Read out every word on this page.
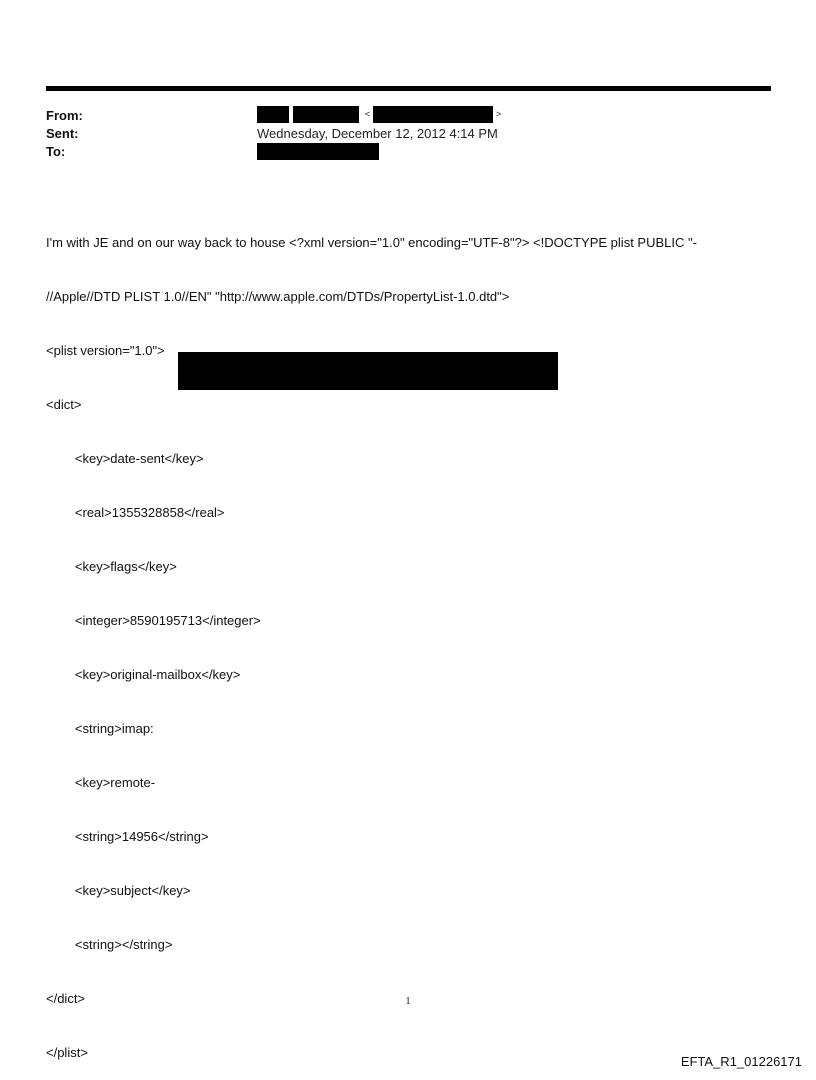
From:
Sent:
To:
<	>
Wednesday, December 12, 2012 4:14 PM

I'm with JE and on our way back to house <?xml version="1.0" encoding="UTF-8"?> <!DOCTYPE plist PUBLIC "-

//Apple//DTD PLIST 1.0//EN" "http://www.apple.com/DTDs/PropertyList-1.0.dtd">

<plist version="1.0">

<dict>

<key>date-sent</key>

<real>1355328858</real>

<key>flags</key>

<integer>8590195713</integer>

<key>original-mailbox</key>

<string>imap:

<key>remote-

<string>14956</string>

<key>subject</key>

<string></string>

</dict>

</plist>

1
EFTA_R1_01226171
